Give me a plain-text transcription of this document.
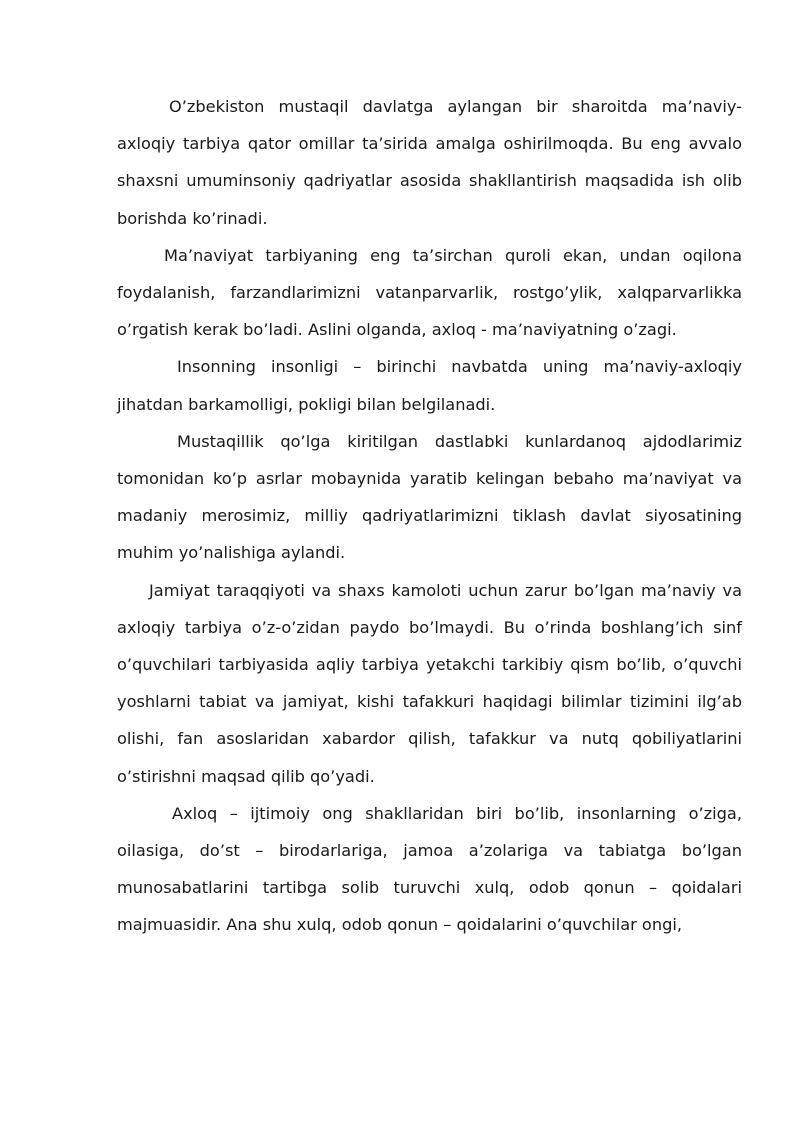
O’zbekiston mustaqil davlatga aylangan bir sharoitda ma’naviy-axloqiy tarbiya qator omillar ta’sirida amalga oshirilmoqda. Bu eng avvalo shaxsni umuminsoniy qadriyatlar asosida shakllantirish maqsadida ish olib borishda ko’rinadi.

Ma’naviyat tarbiyaning eng ta’sirchan quroli ekan, undan oqilona foydalanish, farzandlarimizni vatanparvarlik, rostgo’ylik, xalqparvarlikka o’rgatish kerak bo’ladi. Aslini olganda, axloq - ma’naviyatning o’zagi.

Insonning insonligi – birinchi navbatda uning ma’naviy-axloqiy jihatdan barkamolligi, pokligi bilan belgilanadi.

Mustaqillik qo’lga kiritilgan dastlabki kunlardanoq ajdodlarimiz tomonidan ko’p asrlar mobaynida yaratib kelingan bebaho ma’naviyat va madaniy merosimiz, milliy qadriyatlarimizni tiklash davlat siyosatining muhim yo’nalishiga aylandi.

Jamiyat taraqqiyoti va shaxs kamoloti uchun zarur bo’lgan ma’naviy va axloqiy tarbiya o’z-o’zidan paydo bo’lmaydi. Bu o’rinda boshlang’ich sinf o’quvchilari tarbiyasida aqliy tarbiya yetakchi tarkibiy qism bo’lib, o’quvchi yoshlarni tabiat va jamiyat, kishi tafakkuri haqidagi bilimlar tizimini ilg’ab olishi, fan asoslaridan xabardor qilish, tafakkur va nutq qobiliyatlarini o’stirishni maqsad qilib qo’yadi.

Axloq – ijtimoiy ong shakllaridan biri bo’lib, insonlarning o’ziga, oilasiga, do’st – birodarlariga, jamoa a’zolariga va tabiatga bo’lgan munosabatlarini tartibga solib turuvchi xulq, odob qonun – qoidalari majmuasidir. Ana shu xulq, odob qonun – qoidalarini o’quvchilar ongi,
